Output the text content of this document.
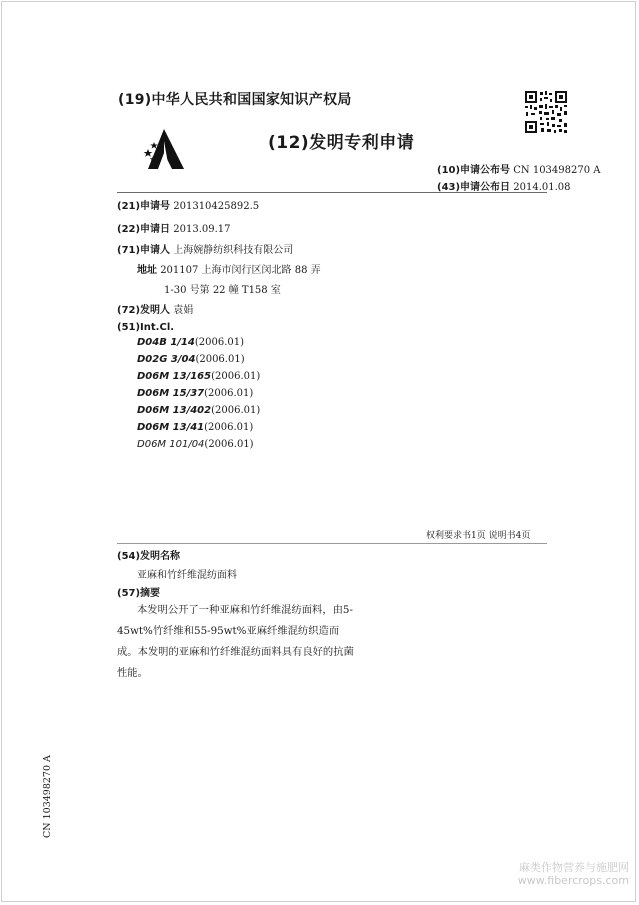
(19)中华人民共和国国家知识产权局
(12)发明专利申请
(10)申请公布号 CN 103498270 A
(43)申请公布日 2014.01.08
(21)申请号 201310425892.5
(22)申请日 2013.09.17
(71)申请人 上海婉静纺织科技有限公司
地址 201107 上海市闵行区闵北路 88 弄
1-30 号第 22 幢 T158 室
(72)发明人 袁娟
(51)Int.Cl.
D04B 1/14(2006.01)
D02G 3/04(2006.01)
D06M 13/165(2006.01)
D06M 15/37(2006.01)
D06M 13/402(2006.01)
D06M 13/41(2006.01)
D06M 101/04(2006.01)
权利要求书1页 说明书4页
(54)发明名称
亚麻和竹纤维混纺面料
(57)摘要
本发明公开了一种亚麻和竹纤维混纺面料，由5-45wt%竹纤维和55-95wt%亚麻纤维混纺织造而成。本发明的亚麻和竹纤维混纺面料具有良好的抗菌性能。
CN 103498270 A
麻类作物营养与施肥网
www.fibercrops.com
